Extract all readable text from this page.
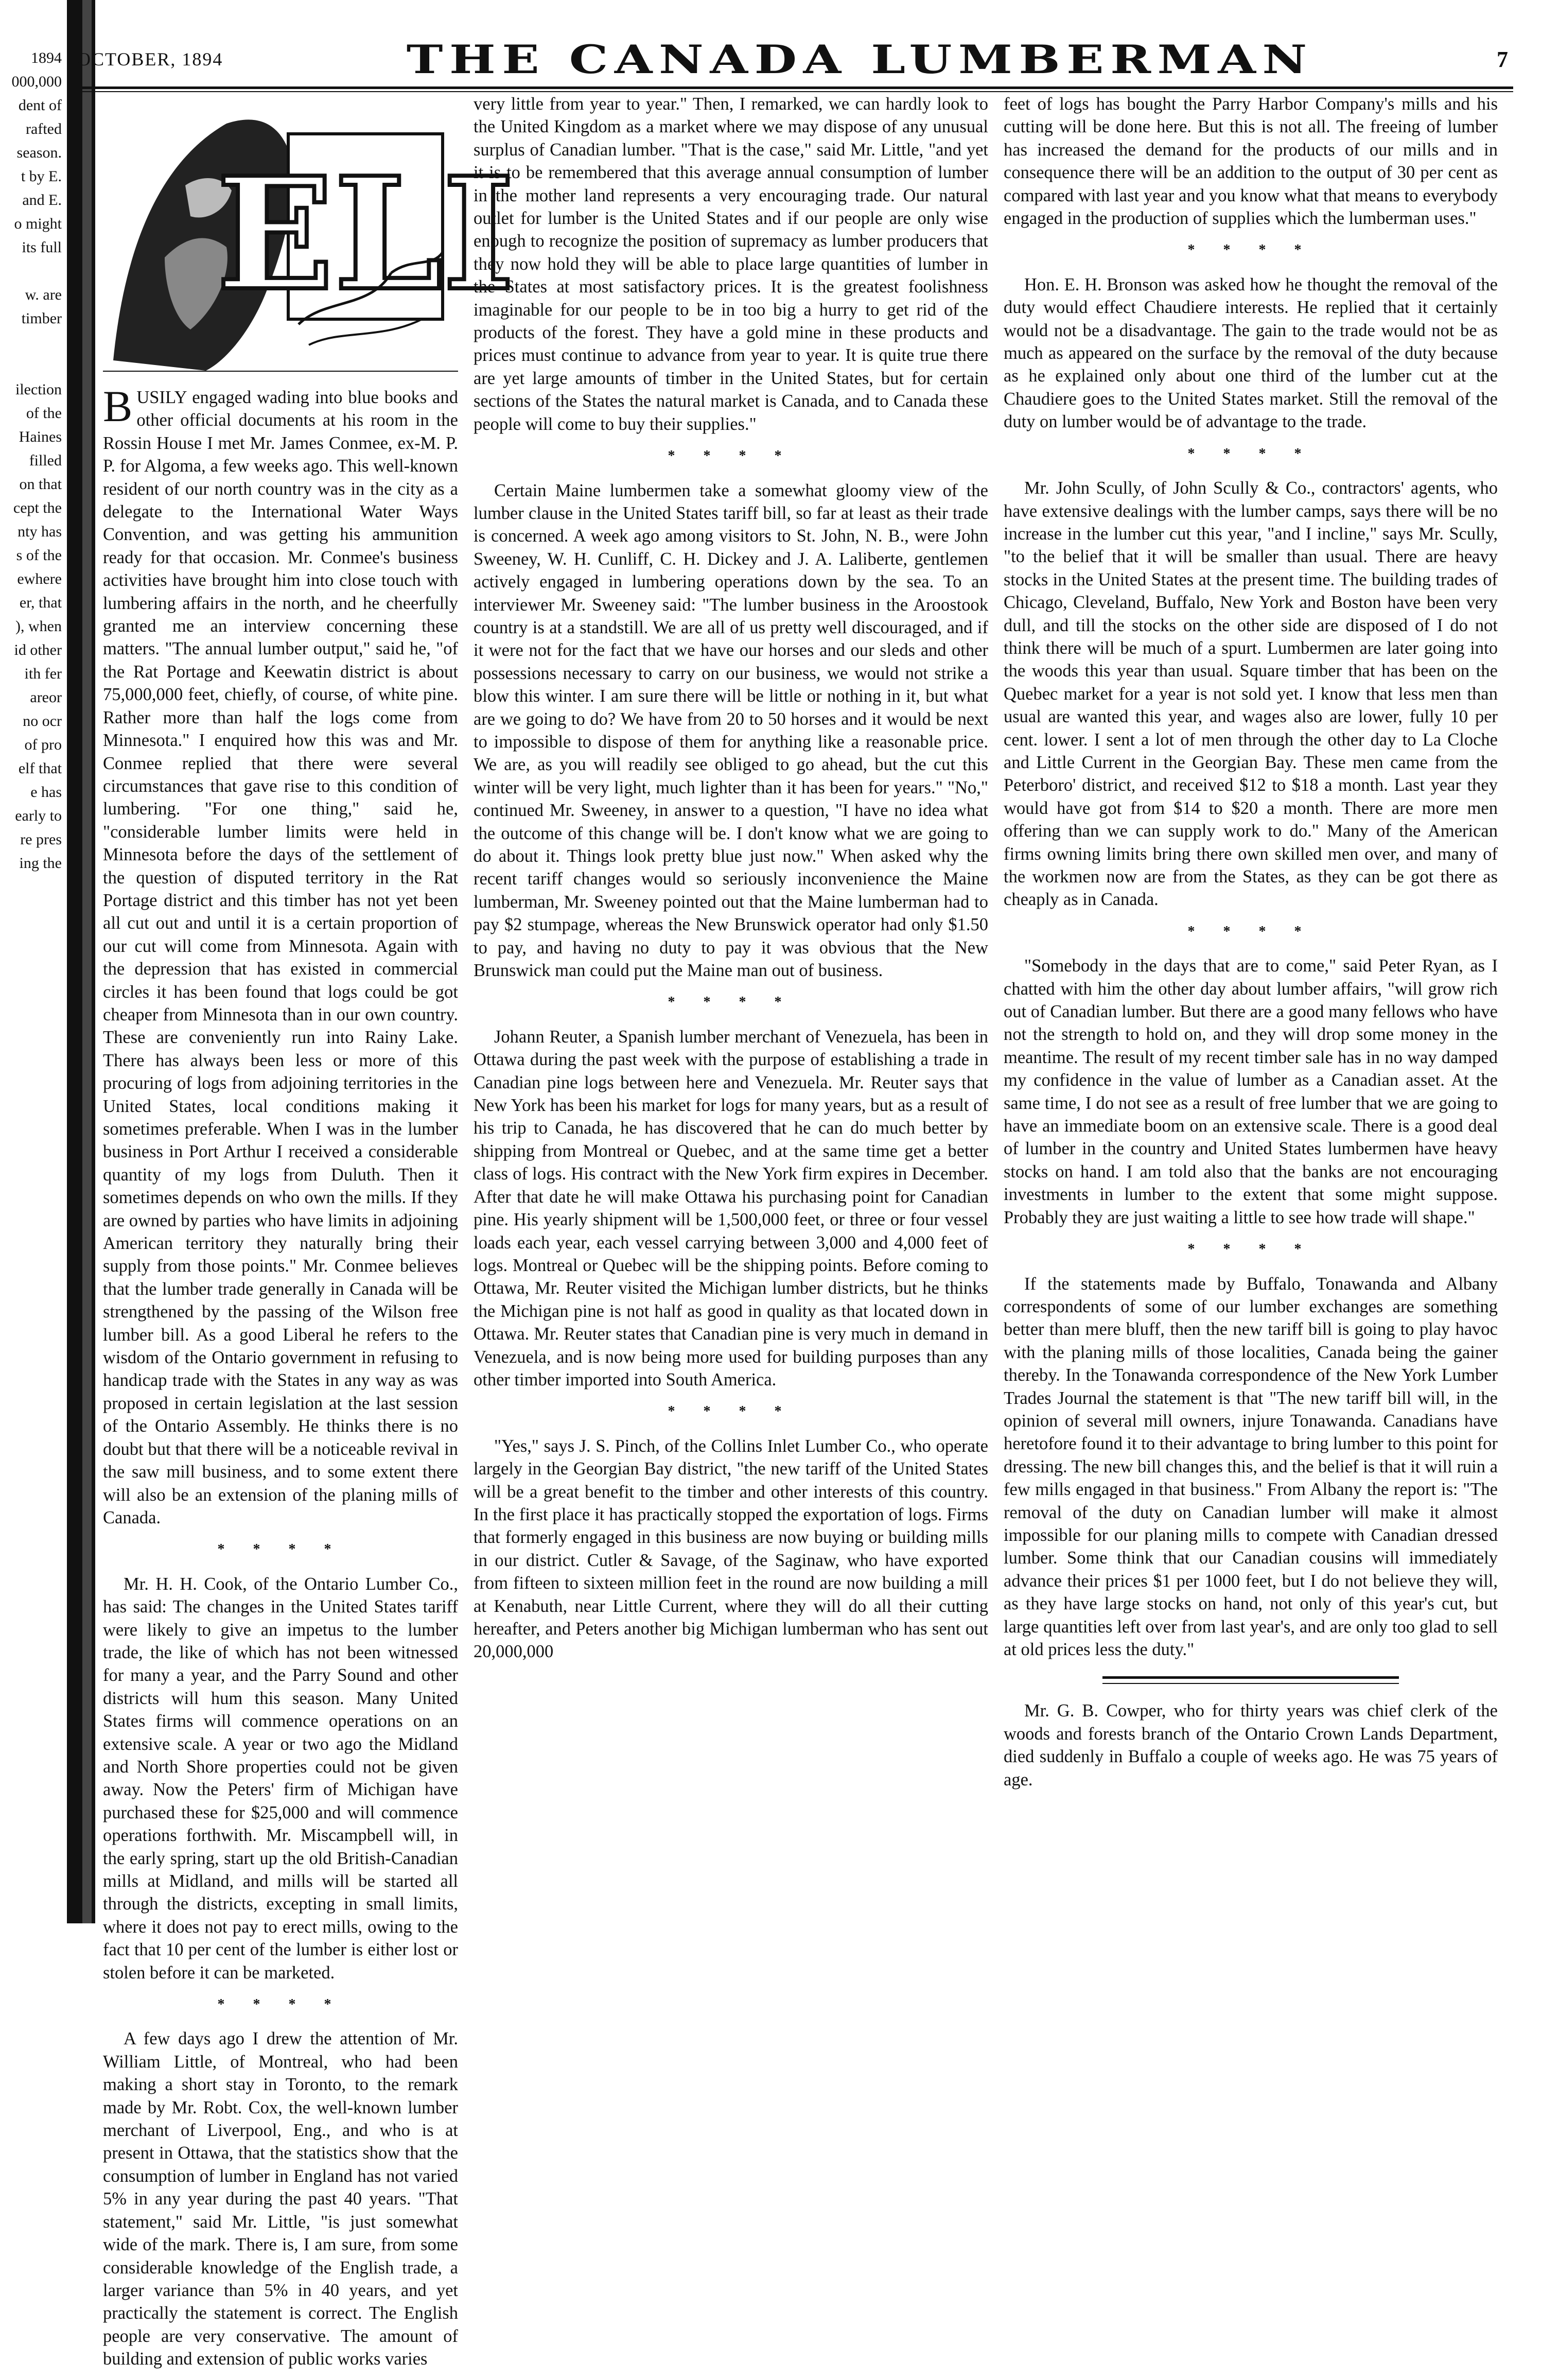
1894
000,000
dent of
rafted
season.
t by E.
and E.
o might
its full

w. are
timber

ilection
of the
Haines
filled
on that
cept the
nty has
s of the
ewhere
er, that
), when
id other
ith fer
areor
no ocr
of pro
elf that
e has
early to
re pres
ing the
OCTOBER, 1894	THE CANADA LUMBERMAN	7
ELI

BUSILY engaged wading into blue books and other official documents at his room in the Rossin House I met Mr. James Conmee, ex-M. P. P. for Algoma, a few weeks ago. This well-known resident of our north country was in the city as a delegate to the International Water Ways Convention, and was getting his ammunition ready for that occasion. Mr. Conmee's business activities have brought him into close touch with lumbering affairs in the north, and he cheerfully granted me an interview concerning these matters. "The annual lumber output," said he, "of the Rat Portage and Keewatin district is about 75,000,000 feet, chiefly, of course, of white pine. Rather more than half the logs come from Minnesota." I enquired how this was and Mr. Conmee replied that there were several circumstances that gave rise to this condition of lumbering. "For one thing," said he, "considerable lumber limits were held in Minnesota before the days of the settlement of the question of disputed territory in the Rat Portage district and this timber has not yet been all cut out and until it is a certain proportion of our cut will come from Minnesota. Again with the depression that has existed in commercial circles it has been found that logs could be got cheaper from Minnesota than in our own country. These are conveniently run into Rainy Lake. There has always been less or more of this procuring of logs from adjoining territories in the United States, local conditions making it sometimes preferable. When I was in the lumber business in Port Arthur I received a considerable quantity of my logs from Duluth. Then it sometimes depends on who own the mills. If they are owned by parties who have limits in adjoining American territory they naturally bring their supply from those points." Mr. Conmee believes that the lumber trade generally in Canada will be strengthened by the passing of the Wilson free lumber bill. As a good Liberal he refers to the wisdom of the Ontario government in refusing to handicap trade with the States in any way as was proposed in certain legislation at the last session of the Ontario Assembly. He thinks there is no doubt but that there will be a noticeable revival in the saw mill business, and to some extent there will also be an extension of the planing mills of Canada.

* * * *

Mr. H. H. Cook, of the Ontario Lumber Co., has said: The changes in the United States tariff were likely to give an impetus to the lumber trade, the like of which has not been witnessed for many a year, and the Parry Sound and other districts will hum this season. Many United States firms will commence operations on an extensive scale. A year or two ago the Midland and North Shore properties could not be given away. Now the Peters' firm of Michigan have purchased these for $25,000 and will commence operations forthwith. Mr. Miscampbell will, in the early spring, start up the old British-Canadian mills at Midland, and mills will be started all through the districts, excepting in small limits, where it does not pay to erect mills, owing to the fact that 10 per cent of the lumber is either lost or stolen before it can be marketed.

* * * *

A few days ago I drew the attention of Mr. William Little, of Montreal, who had been making a short stay in Toronto, to the remark made by Mr. Robt. Cox, the well-known lumber merchant of Liverpool, Eng., and who is at present in Ottawa, that the statistics show that the consumption of lumber in England has not varied 5% in any year during the past 40 years. "That statement," said Mr. Little, "is just somewhat wide of the mark. There is, I am sure, from some considerable knowledge of the English trade, a larger variance than 5% in 40 years, and yet practically the statement is correct. The English people are very conservative. The amount of building and extension of public works varies

very little from year to year." Then, I remarked, we can hardly look to the United Kingdom as a market where we may dispose of any unusual surplus of Canadian lumber. "That is the case," said Mr. Little, "and yet it is to be remembered that this average annual consumption of lumber in the mother land represents a very encouraging trade. Our natural outlet for lumber is the United States and if our people are only wise enough to recognize the position of supremacy as lumber producers that they now hold they will be able to place large quantities of lumber in the States at most satisfactory prices. It is the greatest foolishness imaginable for our people to be in too big a hurry to get rid of the products of the forest. They have a gold mine in these products and prices must continue to advance from year to year. It is quite true there are yet large amounts of timber in the United States, but for certain sections of the States the natural market is Canada, and to Canada these people will come to buy their supplies."

* * * *

Certain Maine lumbermen take a somewhat gloomy view of the lumber clause in the United States tariff bill, so far at least as their trade is concerned. A week ago among visitors to St. John, N. B., were John Sweeney, W. H. Cunliff, C. H. Dickey and J. A. Laliberte, gentlemen actively engaged in lumbering operations down by the sea. To an interviewer Mr. Sweeney said: "The lumber business in the Aroostook country is at a standstill. We are all of us pretty well discouraged, and if it were not for the fact that we have our horses and our sleds and other possessions necessary to carry on our business, we would not strike a blow this winter. I am sure there will be little or nothing in it, but what are we going to do? We have from 20 to 50 horses and it would be next to impossible to dispose of them for anything like a reasonable price. We are, as you will readily see obliged to go ahead, but the cut this winter will be very light, much lighter than it has been for years." "No," continued Mr. Sweeney, in answer to a question, "I have no idea what the outcome of this change will be. I don't know what we are going to do about it. Things look pretty blue just now." When asked why the recent tariff changes would so seriously inconvenience the Maine lumberman, Mr. Sweeney pointed out that the Maine lumberman had to pay $2 stumpage, whereas the New Brunswick operator had only $1.50 to pay, and having no duty to pay it was obvious that the New Brunswick man could put the Maine man out of business.

* * * *

Johann Reuter, a Spanish lumber merchant of Venezuela, has been in Ottawa during the past week with the purpose of establishing a trade in Canadian pine logs between here and Venezuela. Mr. Reuter says that New York has been his market for logs for many years, but as a result of his trip to Canada, he has discovered that he can do much better by shipping from Montreal or Quebec, and at the same time get a better class of logs. His contract with the New York firm expires in December. After that date he will make Ottawa his purchasing point for Canadian pine. His yearly shipment will be 1,500,000 feet, or three or four vessel loads each year, each vessel carrying between 3,000 and 4,000 feet of logs. Montreal or Quebec will be the shipping points. Before coming to Ottawa, Mr. Reuter visited the Michigan lumber districts, but he thinks the Michigan pine is not half as good in quality as that located down in Ottawa. Mr. Reuter states that Canadian pine is very much in demand in Venezuela, and is now being more used for building purposes than any other timber imported into South America.

* * * *

"Yes," says J. S. Pinch, of the Collins Inlet Lumber Co., who operate largely in the Georgian Bay district, "the new tariff of the United States will be a great benefit to the timber and other interests of this country. In the first place it has practically stopped the exportation of logs. Firms that formerly engaged in this business are now buying or building mills in our district. Cutler & Savage, of the Saginaw, who have exported from fifteen to sixteen million feet in the round are now building a mill at Kenabuth, near Little Current, where they will do all their cutting hereafter, and Peters another big Michigan lumberman who has sent out 20,000,000

feet of logs has bought the Parry Harbor Company's mills and his cutting will be done here. But this is not all. The freeing of lumber has increased the demand for the products of our mills and in consequence there will be an addition to the output of 30 per cent as compared with last year and you know what that means to everybody engaged in the production of supplies which the lumberman uses."

* * * *

Hon. E. H. Bronson was asked how he thought the removal of the duty would effect Chaudiere interests. He replied that it certainly would not be a disadvantage. The gain to the trade would not be as much as appeared on the surface by the removal of the duty because as he explained only about one third of the lumber cut at the Chaudiere goes to the United States market. Still the removal of the duty on lumber would be of advantage to the trade.

* * * *

Mr. John Scully, of John Scully & Co., contractors' agents, who have extensive dealings with the lumber camps, says there will be no increase in the lumber cut this year, "and I incline," says Mr. Scully, "to the belief that it will be smaller than usual. There are heavy stocks in the United States at the present time. The building trades of Chicago, Cleveland, Buffalo, New York and Boston have been very dull, and till the stocks on the other side are disposed of I do not think there will be much of a spurt. Lumbermen are later going into the woods this year than usual. Square timber that has been on the Quebec market for a year is not sold yet. I know that less men than usual are wanted this year, and wages also are lower, fully 10 per cent. lower. I sent a lot of men through the other day to La Cloche and Little Current in the Georgian Bay. These men came from the Peterboro' district, and received $12 to $18 a month. Last year they would have got from $14 to $20 a month. There are more men offering than we can supply work to do." Many of the American firms owning limits bring there own skilled men over, and many of the workmen now are from the States, as they can be got there as cheaply as in Canada.

* * * *

"Somebody in the days that are to come," said Peter Ryan, as I chatted with him the other day about lumber affairs, "will grow rich out of Canadian lumber. But there are a good many fellows who have not the strength to hold on, and they will drop some money in the meantime. The result of my recent timber sale has in no way damped my confidence in the value of lumber as a Canadian asset. At the same time, I do not see as a result of free lumber that we are going to have an immediate boom on an extensive scale. There is a good deal of lumber in the country and United States lumbermen have heavy stocks on hand. I am told also that the banks are not encouraging investments in lumber to the extent that some might suppose. Probably they are just waiting a little to see how trade will shape."

* * * *

If the statements made by Buffalo, Tonawanda and Albany correspondents of some of our lumber exchanges are something better than mere bluff, then the new tariff bill is going to play havoc with the planing mills of those localities, Canada being the gainer thereby. In the Tonawanda correspondence of the New York Lumber Trades Journal the statement is that "The new tariff bill will, in the opinion of several mill owners, injure Tonawanda. Canadians have heretofore found it to their advantage to bring lumber to this point for dressing. The new bill changes this, and the belief is that it will ruin a few mills engaged in that business." From Albany the report is: "The removal of the duty on Canadian lumber will make it almost impossible for our planing mills to compete with Canadian dressed lumber. Some think that our Canadian cousins will immediately advance their prices $1 per 1000 feet, but I do not believe they will, as they have large stocks on hand, not only of this year's cut, but large quantities left over from last year's, and are only too glad to sell at old prices less the duty."

Mr. G. B. Cowper, who for thirty years was chief clerk of the woods and forests branch of the Ontario Crown Lands Department, died suddenly in Buffalo a couple of weeks ago. He was 75 years of age.
